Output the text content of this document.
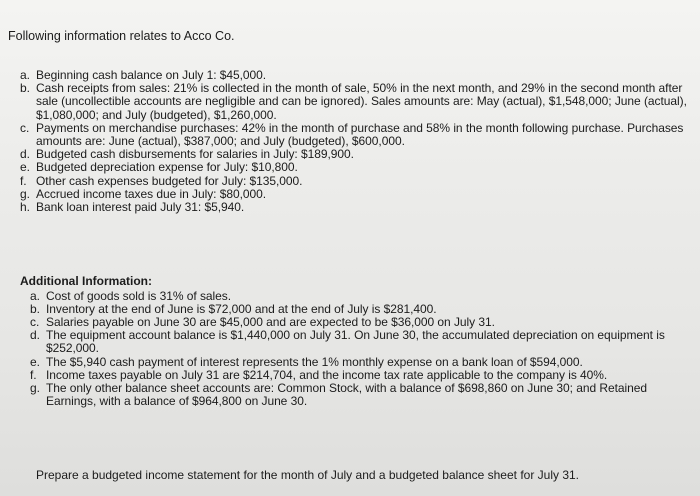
Following information relates to Acco Co.

a. Beginning cash balance on July 1: $45,000.

b. Cash receipts from sales: 21% is collected in the month of sale, 50% in the next month, and 29% in the second month after sale (uncollectible accounts are negligible and can be ignored). Sales amounts are: May (actual), $1,548,000; June (actual), $1,080,000; and July (budgeted), $1,260,000.

c. Payments on merchandise purchases: 42% in the month of purchase and 58% in the month following purchase. Purchases amounts are: June (actual), $387,000; and July (budgeted), $600,000.

d. Budgeted cash disbursements for salaries in July: $189,900.

e. Budgeted depreciation expense for July: $10,800.

f. Other cash expenses budgeted for July: $135,000.

g. Accrued income taxes due in July: $80,000.

h. Bank loan interest paid July 31: $5,940.

Additional Information:

a. Cost of goods sold is 31% of sales.

b. Inventory at the end of June is $72,000 and at the end of July is $281,400.

c. Salaries payable on June 30 are $45,000 and are expected to be $36,000 on July 31.

d. The equipment account balance is $1,440,000 on July 31. On June 30, the accumulated depreciation on equipment is $252,000.

e. The $5,940 cash payment of interest represents the 1% monthly expense on a bank loan of $594,000.

f. Income taxes payable on July 31 are $214,704, and the income tax rate applicable to the company is 40%.

g. The only other balance sheet accounts are: Common Stock, with a balance of $698,860 on June 30; and Retained Earnings, with a balance of $964,800 on June 30.

Prepare a budgeted income statement for the month of July and a budgeted balance sheet for July 31.
